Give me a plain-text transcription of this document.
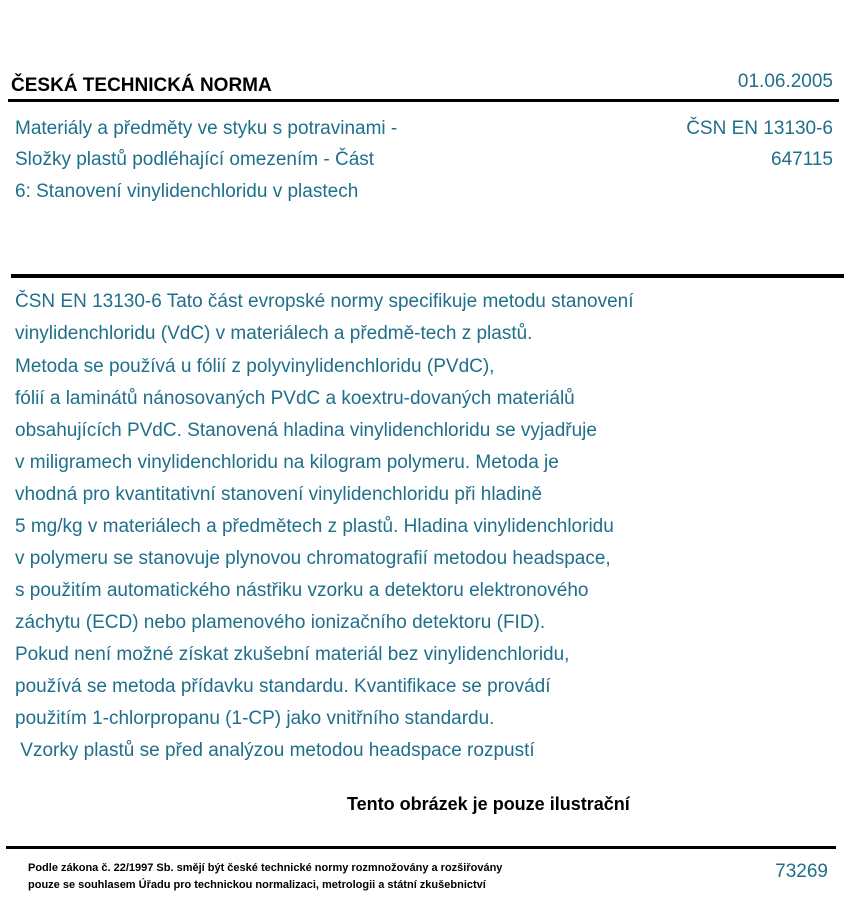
ČESKÁ TECHNICKÁ NORMA	01.06.2005
Materiály a předměty ve styku s potravinami -
Složky plastů podléhající omezením - Část
6: Stanovení vinylidenchloridu v plastech
ČSN EN 13130-6
647115
ČSN EN 13130-6 Tato část evropské normy specifikuje metodu stanovení
vinylidenchloridu (VdC) v materiálech a předmě-tech z plastů.
Metoda se používá u fólií z polyvinylidenchloridu (PVdC),
fólií a laminátů nánosovaných PVdC a koextru-dovaných materiálů
obsahujících PVdC. Stanovená hladina vinylidenchloridu se vyjadřuje
v miligramech vinylidenchloridu na kilogram polymeru. Metoda je
vhodná pro kvantitativní stanovení vinylidenchloridu při hladině
5 mg/kg v materiálech a předmětech z plastů. Hladina vinylidenchloridu
v polymeru se stanovuje plynovou chromatografií metodou headspace,
s použitím automatického nástřiku vzorku a detektoru elektronového
záchytu (ECD) nebo plamenového ionizačního detektoru (FID).
Pokud není možné získat zkušební materiál bez vinylidenchloridu,
používá se metoda přídavku standardu. Kvantifikace se provádí
použitím 1-chlorpropanu (1-CP) jako vnitřního standardu.
Vzorky plastů se před analýzou metodou headspace rozpustí
Tento obrázek je pouze ilustrační
Podle zákona č. 22/1997 Sb. smějí být české technické normy rozmnožovány a rozšiřovány
pouze se souhlasem Úřadu pro technickou normalizaci, metrologii a státní zkušebnictví
73269
